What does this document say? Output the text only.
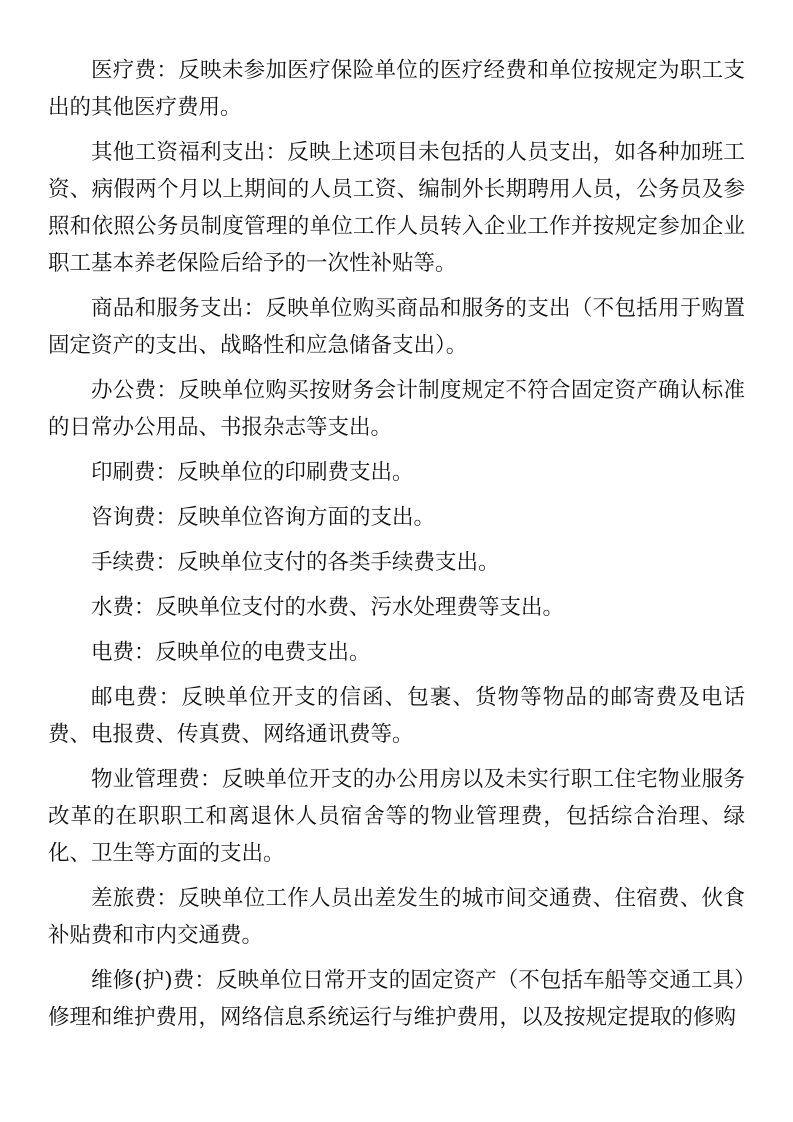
医疗费：反映未参加医疗保险单位的医疗经费和单位按规定为职工支出的其他医疗费用。

其他工资福利支出：反映上述项目未包括的人员支出，如各种加班工资、病假两个月以上期间的人员工资、编制外长期聘用人员，公务员及参照和依照公务员制度管理的单位工作人员转入企业工作并按规定参加企业职工基本养老保险后给予的一次性补贴等。

商品和服务支出：反映单位购买商品和服务的支出（不包括用于购置固定资产的支出、战略性和应急储备支出）。

办公费：反映单位购买按财务会计制度规定不符合固定资产确认标准的日常办公用品、书报杂志等支出。

印刷费：反映单位的印刷费支出。

咨询费：反映单位咨询方面的支出。

手续费：反映单位支付的各类手续费支出。

水费：反映单位支付的水费、污水处理费等支出。

电费：反映单位的电费支出。

邮电费：反映单位开支的信函、包裹、货物等物品的邮寄费及电话费、电报费、传真费、网络通讯费等。

物业管理费：反映单位开支的办公用房以及未实行职工住宅物业服务改革的在职职工和离退休人员宿舍等的物业管理费，包括综合治理、绿化、卫生等方面的支出。

差旅费：反映单位工作人员出差发生的城市间交通费、住宿费、伙食补贴费和市内交通费。

维修(护)费：反映单位日常开支的固定资产（不包括车船等交通工具）修理和维护费用，网络信息系统运行与维护费用，以及按规定提取的修购
